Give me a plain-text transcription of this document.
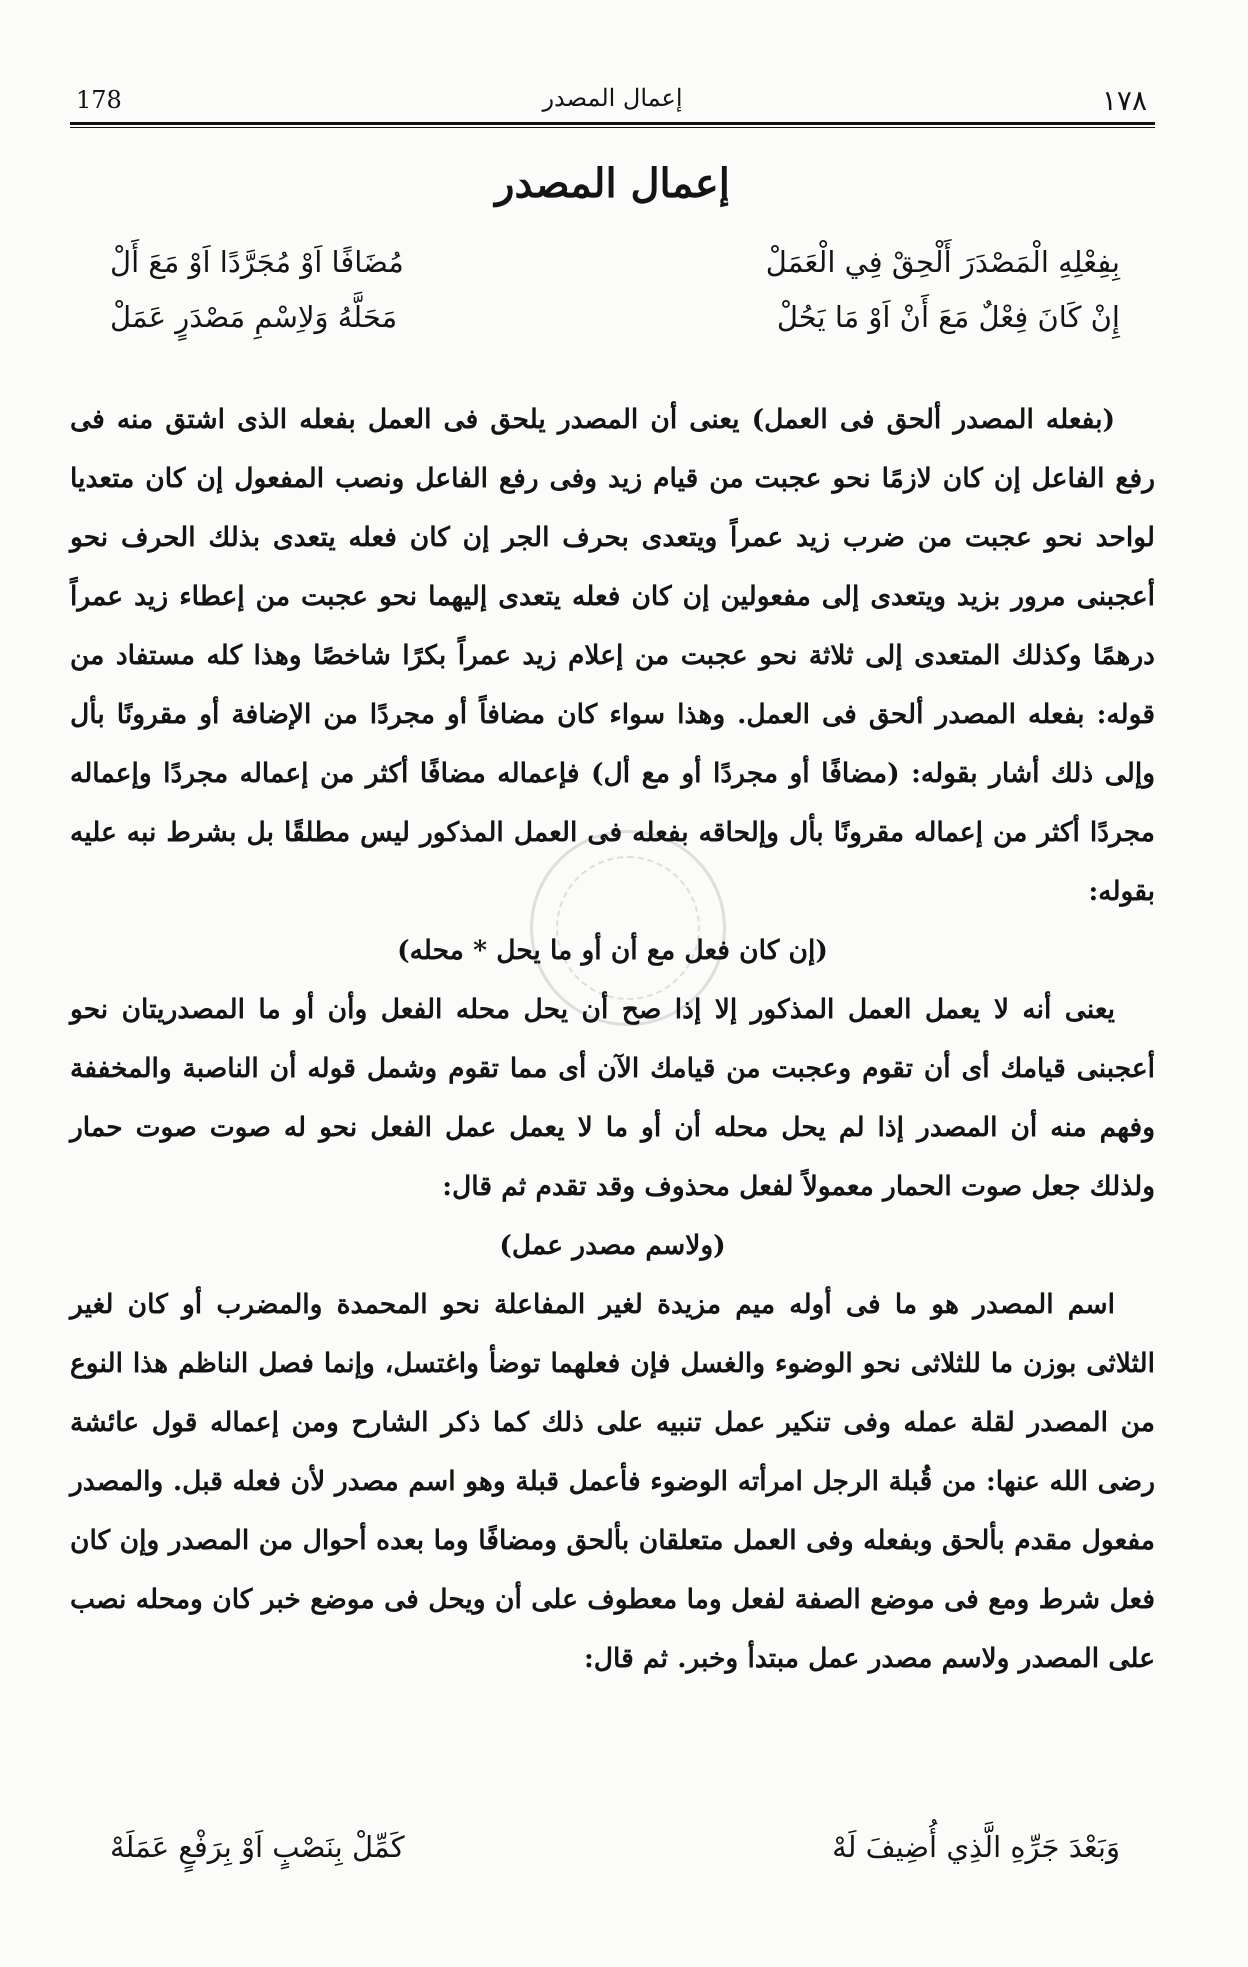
178	إعمال المصدر	١٧٨
إعمال المصدر
بِفِعْلِهِ الْمَصْدَرَ أَلْحِقْ فِي الْعَمَلْ
مُضَافًا اَوْ مُجَرَّدًا اَوْ مَعَ أَلْ
إِنْ كَانَ فِعْلٌ مَعَ أَنْ اَوْ مَا يَحُلْ
مَحَلَّهُ وَلاِسْمِ مَصْدَرٍ عَمَلْ

(بفعله المصدر ألحق فى العمل) يعنى أن المصدر يلحق فى العمل بفعله الذى اشتق منه فى رفع الفاعل إن كان لازمًا نحو عجبت من قيام زيد وفى رفع الفاعل ونصب المفعول إن كان متعديا لواحد نحو عجبت من ضرب زيد عمراً ويتعدى بحرف الجر إن كان فعله يتعدى بذلك الحرف نحو أعجبنى مرور بزيد ويتعدى إلى مفعولين إن كان فعله يتعدى إليهما نحو عجبت من إعطاء زيد عمراً درهمًا وكذلك المتعدى إلى ثلاثة نحو عجبت من إعلام زيد عمراً بكرًا شاخصًا وهذا كله مستفاد من قوله: بفعله المصدر ألحق فى العمل. وهذا سواء كان مضافاً أو مجردًا من الإضافة أو مقرونًا بأل وإلى ذلك أشار بقوله: (مضافًا أو مجردًا أو مع أل) فإعماله مضافًا أكثر من إعماله مجردًا وإعماله مجردًا أكثر من إعماله مقرونًا بأل وإلحاقه بفعله فى العمل المذكور ليس مطلقًا بل بشرط نبه عليه بقوله:

(إن كان فعل مع أن أو ما يحل * محله)

يعنى أنه لا يعمل العمل المذكور إلا إذا صح أن يحل محله الفعل وأن أو ما المصدريتان نحو أعجبنى قيامك أى أن تقوم وعجبت من قيامك الآن أى مما تقوم وشمل قوله أن الناصبة والمخففة وفهم منه أن المصدر إذا لم يحل محله أن أو ما لا يعمل عمل الفعل نحو له صوت صوت حمار ولذلك جعل صوت الحمار معمولاً لفعل محذوف وقد تقدم ثم قال:

(ولاسم مصدر عمل)

اسم المصدر هو ما فى أوله ميم مزيدة لغير المفاعلة نحو المحمدة والمضرب أو كان لغير الثلاثى بوزن ما للثلاثى نحو الوضوء والغسل فإن فعلهما توضأ واغتسل، وإنما فصل الناظم هذا النوع من المصدر لقلة عمله وفى تنكير عمل تنبيه على ذلك كما ذكر الشارح ومن إعماله قول عائشة رضى الله عنها: من قُبلة الرجل امرأته الوضوء فأعمل قبلة وهو اسم مصدر لأن فعله قبل. والمصدر مفعول مقدم بألحق وبفعله وفى العمل متعلقان بألحق ومضافًا وما بعده أحوال من المصدر وإن كان فعل شرط ومع فى موضع الصفة لفعل وما معطوف على أن ويحل فى موضع خبر كان ومحله نصب على المصدر ولاسم مصدر عمل مبتدأ وخبر. ثم قال:

وَبَعْدَ جَرِّهِ الَّذِي أُضِيفَ لَهْ
كَمِّلْ بِنَصْبٍ اَوْ بِرَفْعٍ عَمَلَهْ
